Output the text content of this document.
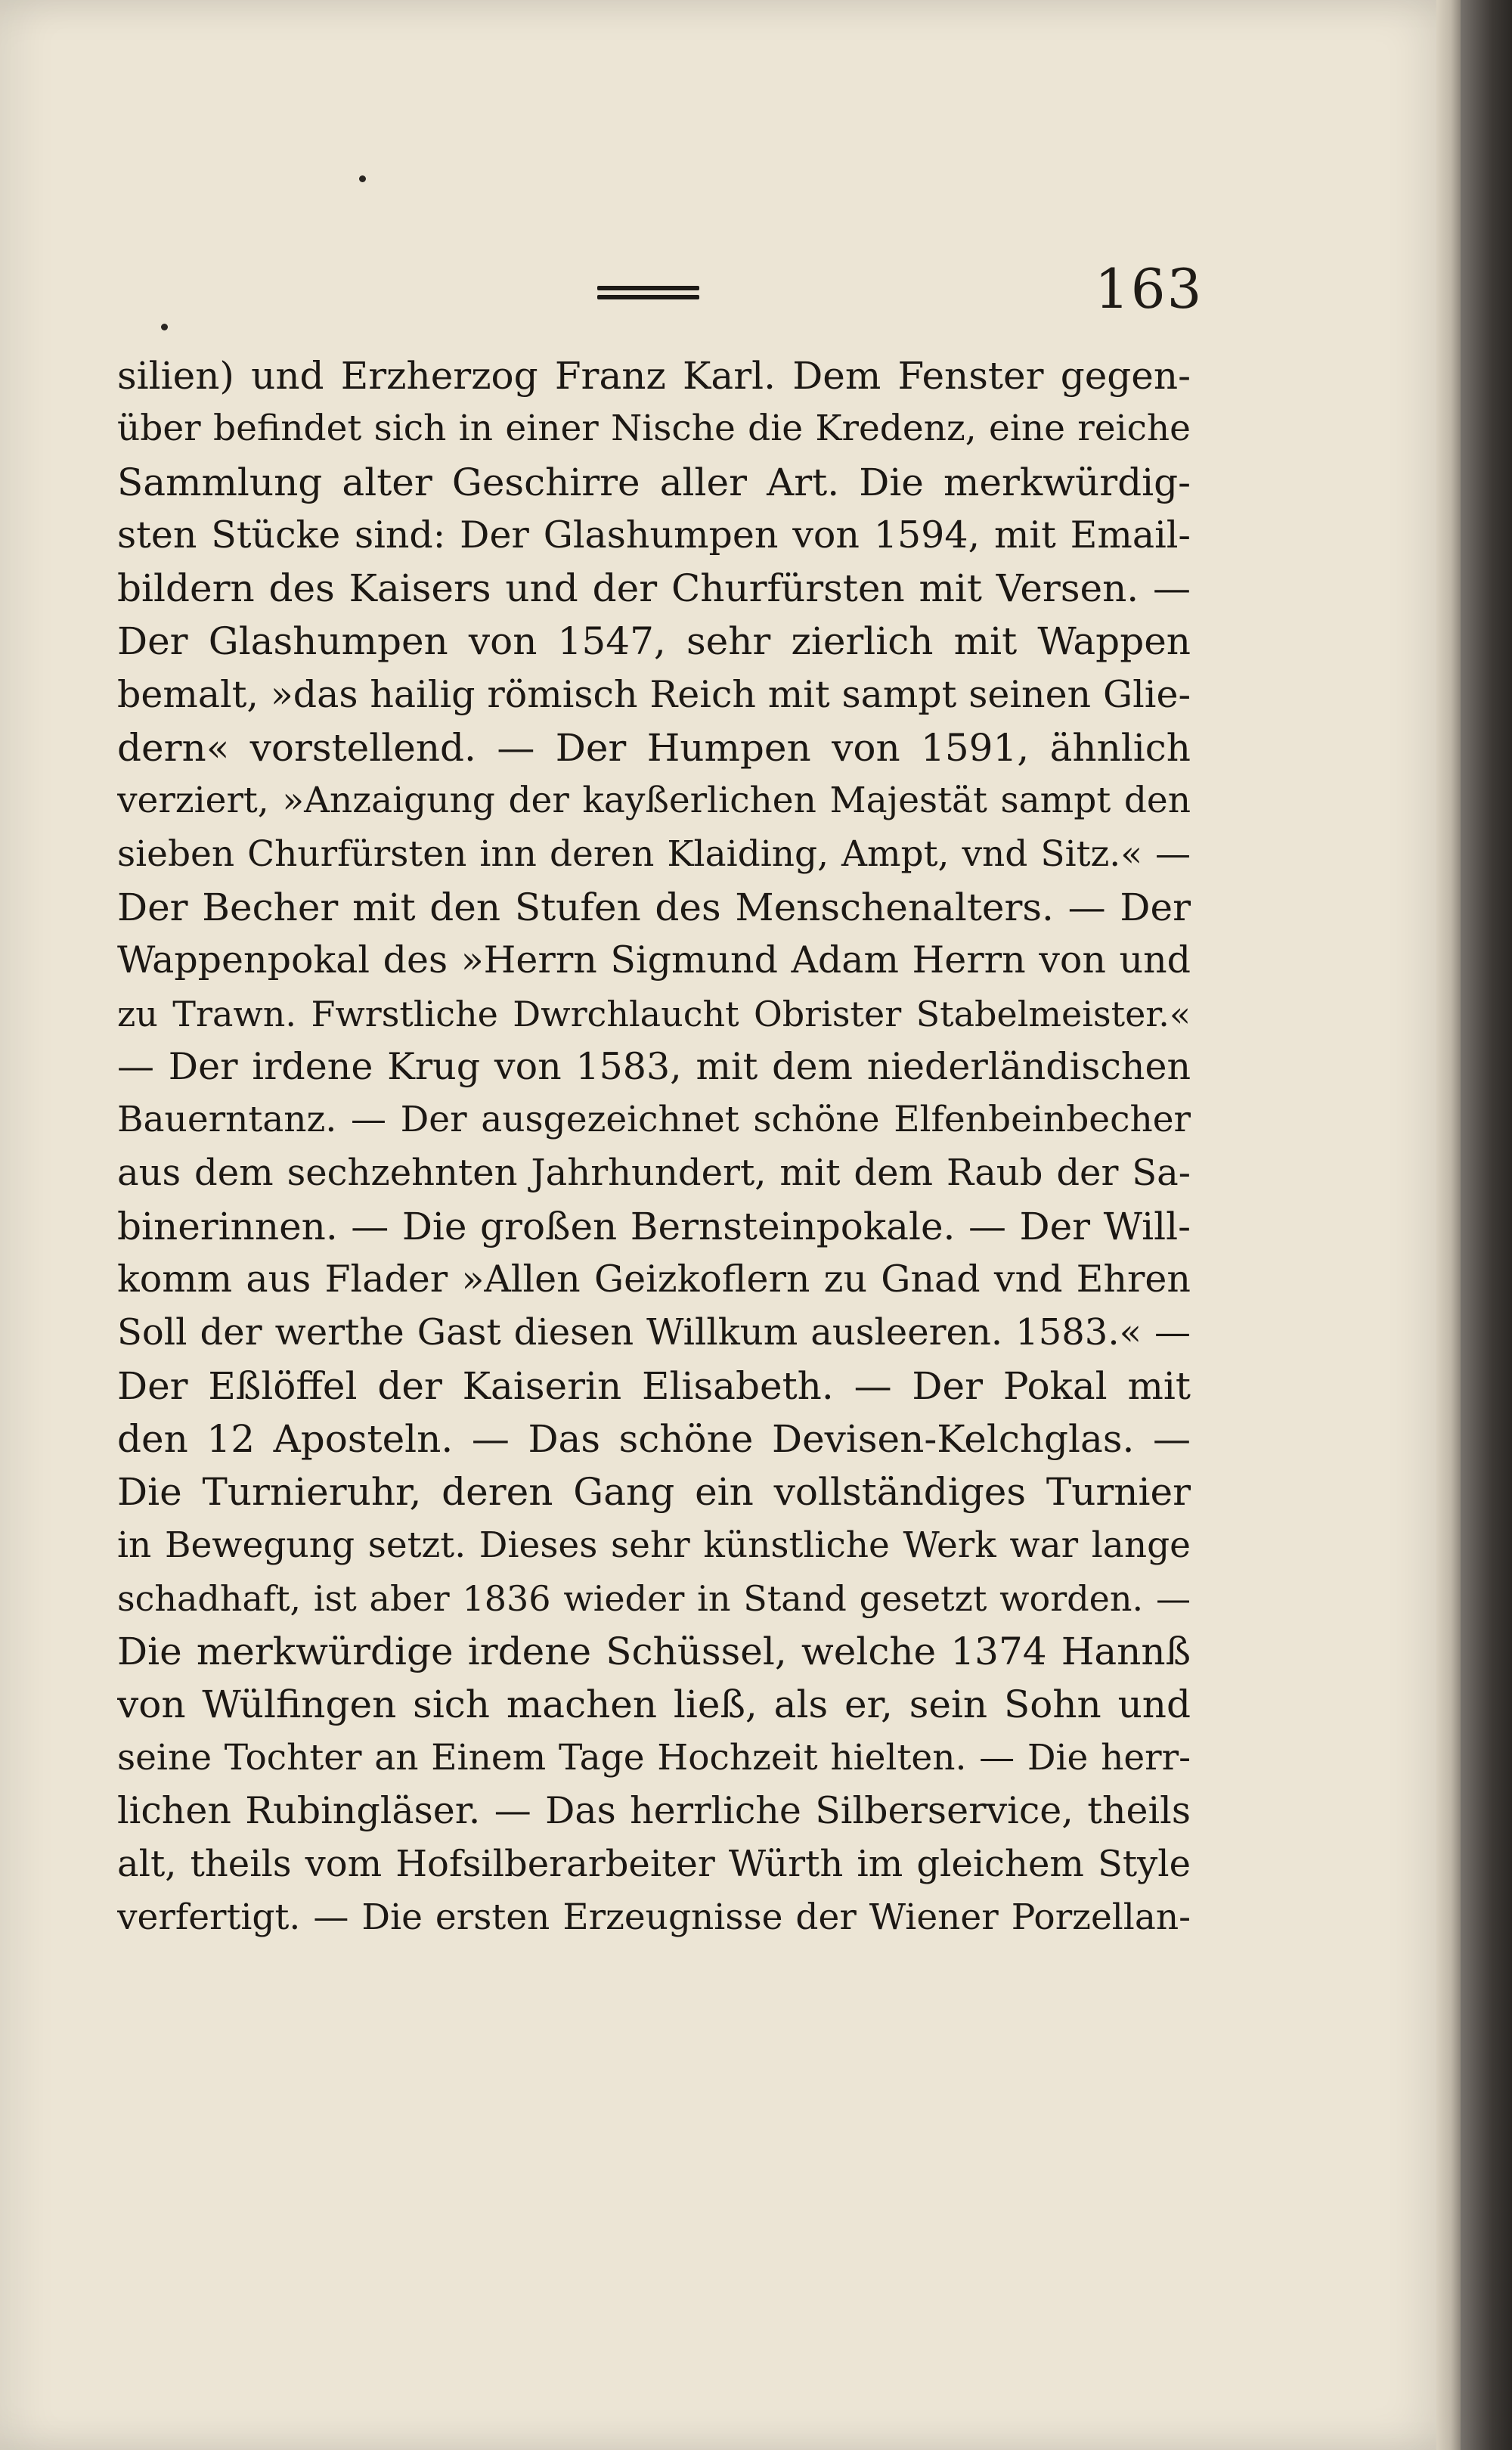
163
silien) und Erzherzog Franz Karl. Dem Fenster gegen-
über befindet sich in einer Nische die Kredenz, eine reiche
Sammlung alter Geschirre aller Art. Die merkwürdig-
sten Stücke sind: Der Glashumpen von 1594, mit Email-
bildern des Kaisers und der Churfürsten mit Versen. —
Der Glashumpen von 1547, sehr zierlich mit Wappen
bemalt, »das hailig römisch Reich mit sampt seinen Glie-
dern« vorstellend. — Der Humpen von 1591, ähnlich
verziert, »Anzaigung der kayßerlichen Majestät sampt den
sieben Churfürsten inn deren Klaiding, Ampt, vnd Sitz.« —
Der Becher mit den Stufen des Menschenalters. — Der
Wappenpokal des »Herrn Sigmund Adam Herrn von und
zu Trawn. Fwrstliche Dwrchlaucht Obrister Stabelmeister.«
— Der irdene Krug von 1583, mit dem niederländischen
Bauerntanz. — Der ausgezeichnet schöne Elfenbeinbecher
aus dem sechzehnten Jahrhundert, mit dem Raub der Sa-
binerinnen. — Die großen Bernsteinpokale. — Der Will-
komm aus Flader »Allen Geizkoflern zu Gnad vnd Ehren
Soll der werthe Gast diesen Willkum ausleeren. 1583.« —
Der Eßlöffel der Kaiserin Elisabeth. — Der Pokal mit
den 12 Aposteln. — Das schöne Devisen-Kelchglas. —
Die Turnieruhr, deren Gang ein vollständiges Turnier
in Bewegung setzt. Dieses sehr künstliche Werk war lange
schadhaft, ist aber 1836 wieder in Stand gesetzt worden. —
Die merkwürdige irdene Schüssel, welche 1374 Hannß
von Wülfingen sich machen ließ, als er, sein Sohn und
seine Tochter an Einem Tage Hochzeit hielten. — Die herr-
lichen Rubingläser. — Das herrliche Silberservice, theils
alt, theils vom Hofsilberarbeiter Würth im gleichem Style
verfertigt. — Die ersten Erzeugnisse der Wiener Porzellan-
